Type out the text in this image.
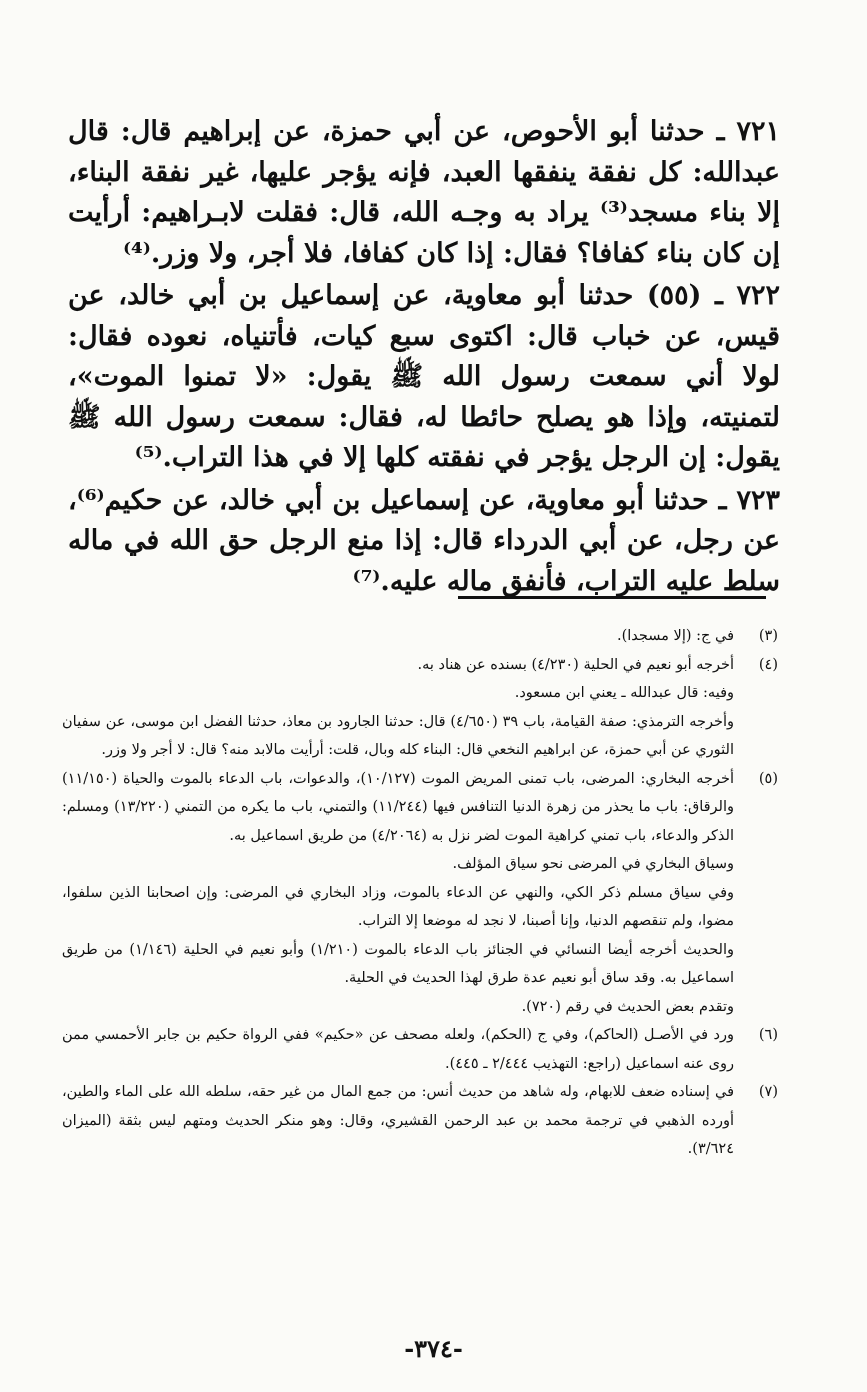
٧٢١ ـ حدثنا أبو الأحوص، عن أبي حمزة، عن إبراهيم قال: قال عبدالله: كل نفقة ينفقها العبد، فإنه يؤجر عليها، غير نفقة البناء، إلا بناء مسجد⁽³⁾ يراد به وجـه الله، قال: فقلت لابـراهيم: أرأيت إن كان بناء كفافا؟ فقال: إذا كان كفافا، فلا أجر، ولا وزر.⁽⁴⁾

٧٢٢ ـ (٥٥) حدثنا أبو معاوية، عن إسماعيل بن أبي خالد، عن قيس، عن خباب قال: اكتوى سبع كيات، فأتنياه، نعوده فقال: لولا أني سمعت رسول الله ﷺ يقول: «لا تمنوا الموت»، لتمنيته، وإذا هو يصلح حائطا له، فقال: سمعت رسول الله ﷺ يقول: إن الرجل يؤجر في نفقته كلها إلا في هذا التراب.⁽⁵⁾

٧٢٣ ـ حدثنا أبو معاوية، عن إسماعيل بن أبي خالد، عن حكيم⁽⁶⁾، عن رجل، عن أبي الدرداء قال: إذا منع الرجل حق الله في ماله سلط عليه التراب، فأنفق ماله عليه.⁽⁷⁾

(٣)

في ج: (إلا مسجدا).

(٤)

أخرجه أبو نعيم في الحلية (٤/٢٣٠) بسنده عن هناد به.

وفيه: قال عبدالله ـ يعني ابن مسعود.

وأخرجه الترمذي: صفة القيامة، باب ٣٩ (٤/٦٥٠) قال: حدثنا الجارود بن معاذ، حدثنا الفضل ابن موسى، عن سفيان الثوري عن أبي حمزة، عن ابراهيم النخعي قال: البناء كله وبال، قلت: أرأيت مالابد منه؟ قال: لا أجر ولا وزر.

(٥)

أخرجه البخاري: المرضى، باب تمنى المريض الموت (١٠/١٢٧)، والدعوات، باب الدعاء بالموت والحياة (١١/١٥٠) والرقاق: باب ما يحذر من زهرة الدنيا التنافس فيها (١١/٢٤٤) والتمني، باب ما يكره من التمني (١٣/٢٢٠) ومسلم: الذكر والدعاء، باب تمني كراهية الموت لضر نزل به (٤/٢٠٦٤) من طريق اسماعيل به.

وسياق البخاري في المرضى نحو سياق المؤلف.

وفي سياق مسلم ذكر الكي، والنهي عن الدعاء بالموت، وزاد البخاري في المرضى: وإن اصحابنا الذين سلفوا، مضوا، ولم تنقصهم الدنيا، وإنا أصبنا، لا نجد له موضعا إلا التراب.

والحديث أخرجه أيضا النسائي في الجنائز باب الدعاء بالموت (١/٢١٠) وأبو نعيم في الحلية (١/١٤٦) من طريق اسماعيل به. وقد ساق أبو نعيم عدة طرق لهذا الحديث في الحلية.

وتقدم بعض الحديث في رقم (٧٢٠).

(٦)

ورد في الأصـل (الحاكم)، وفي ج (الحكم)، ولعله مصحف عن «حكيم» ففي الرواة حكيم بن جابر الأحمسي ممن روى عنه اسماعيل (راجع: التهذيب ٢/٤٤٤ ـ ٤٤٥).

(٧)

في إسناده ضعف للابهام، وله شاهد من حديث أنس: من جمع المال من غير حقه، سلطه الله على الماء والطين، أورده الذهبي في ترجمة محمد بن عبد الرحمن القشيري، وقال: وهو منكر الحديث ومتهم ليس بثقة (الميزان ٣/٦٢٤).

-٣٧٤-
